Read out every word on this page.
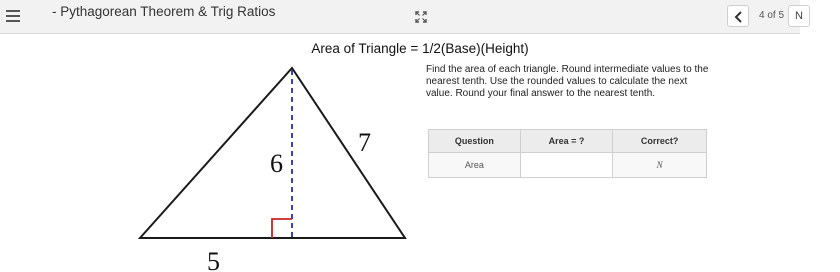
- Pythagorean Theorem & Trig Ratios	4 of 5 N
Area of Triangle = 1/2(Base)(Height)
6
7
5
Find the area of each triangle. Round intermediate values to the nearest tenth. Use the rounded values to calculate the next value. Round your final answer to the nearest tenth.
Question	Area = ?	Correct?
Area		N
